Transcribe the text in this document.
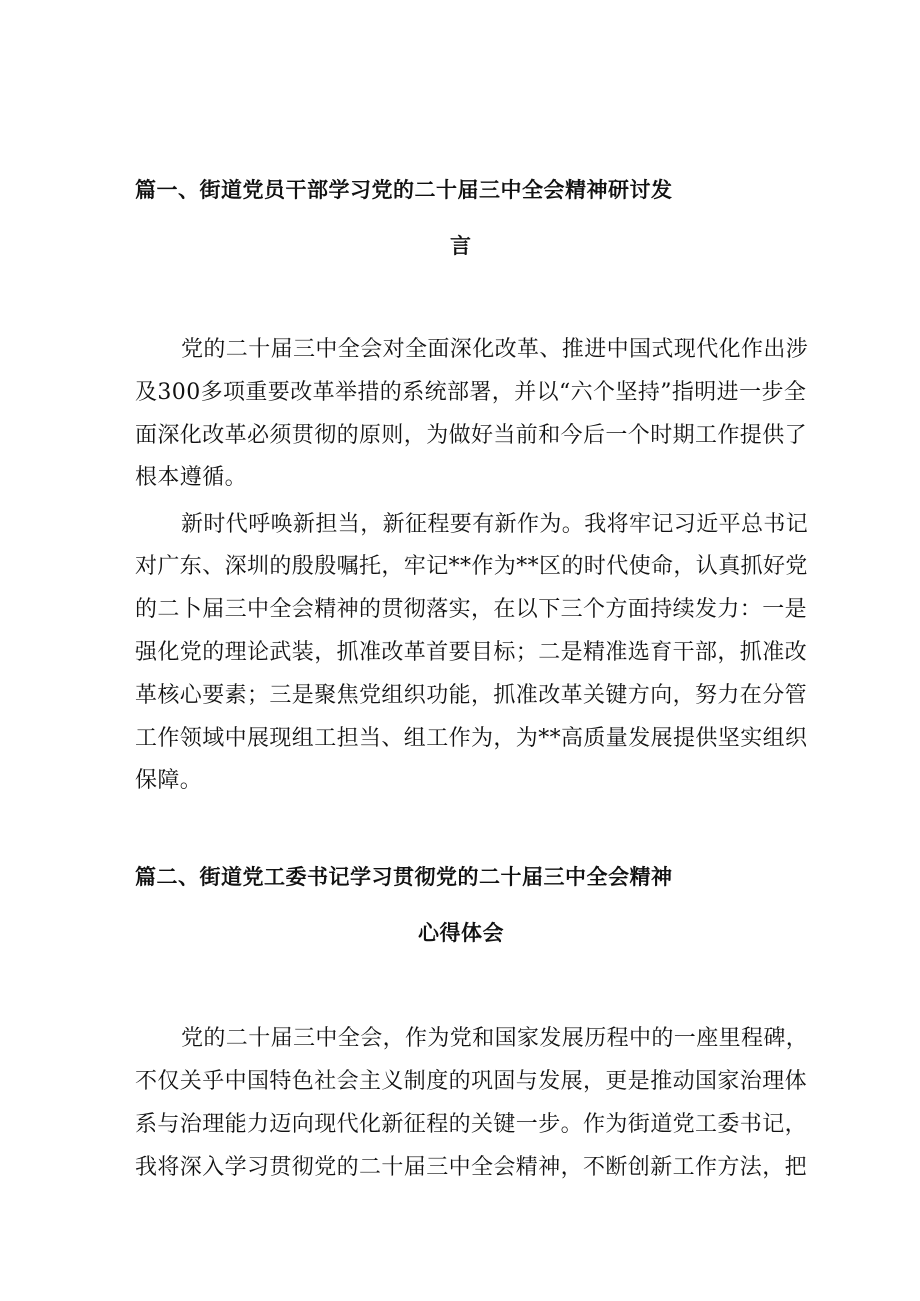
篇一、街道党员干部学习党的二十届三中全会精神研讨发
言
党的二十届三中全会对全面深化改革、推进中国式现代化作出涉
及300多项重要改革举措的系统部署，并以“六个坚持”指明进一步全
面深化改革必须贯彻的原则，为做好当前和今后一个时期工作提供了
根本遵循。
新时代呼唤新担当，新征程要有新作为。我将牢记习近平总书记
对广东、深圳的殷殷嘱托，牢记**作为**区的时代使命，认真抓好党
的二卜届三中全会精神的贯彻落实，在以下三个方面持续发力：一是
强化党的理论武装，抓准改革首要目标；二是精准选育干部，抓准改
革核心要素；三是聚焦党组织功能，抓准改革关键方向，努力在分管
工作领域中展现组工担当、组工作为，为**高质量发展提供坚实组织
保障。
篇二、街道党工委书记学习贯彻党的二十届三中全会精神
心得体会
党的二十届三中全会，作为党和国家发展历程中的一座里程碑，
不仅关乎中国特色社会主义制度的巩固与发展，更是推动国家治理体
系与治理能力迈向现代化新征程的关键一步。作为街道党工委书记，
我将深入学习贯彻党的二十届三中全会精神，不断创新工作方法，把
